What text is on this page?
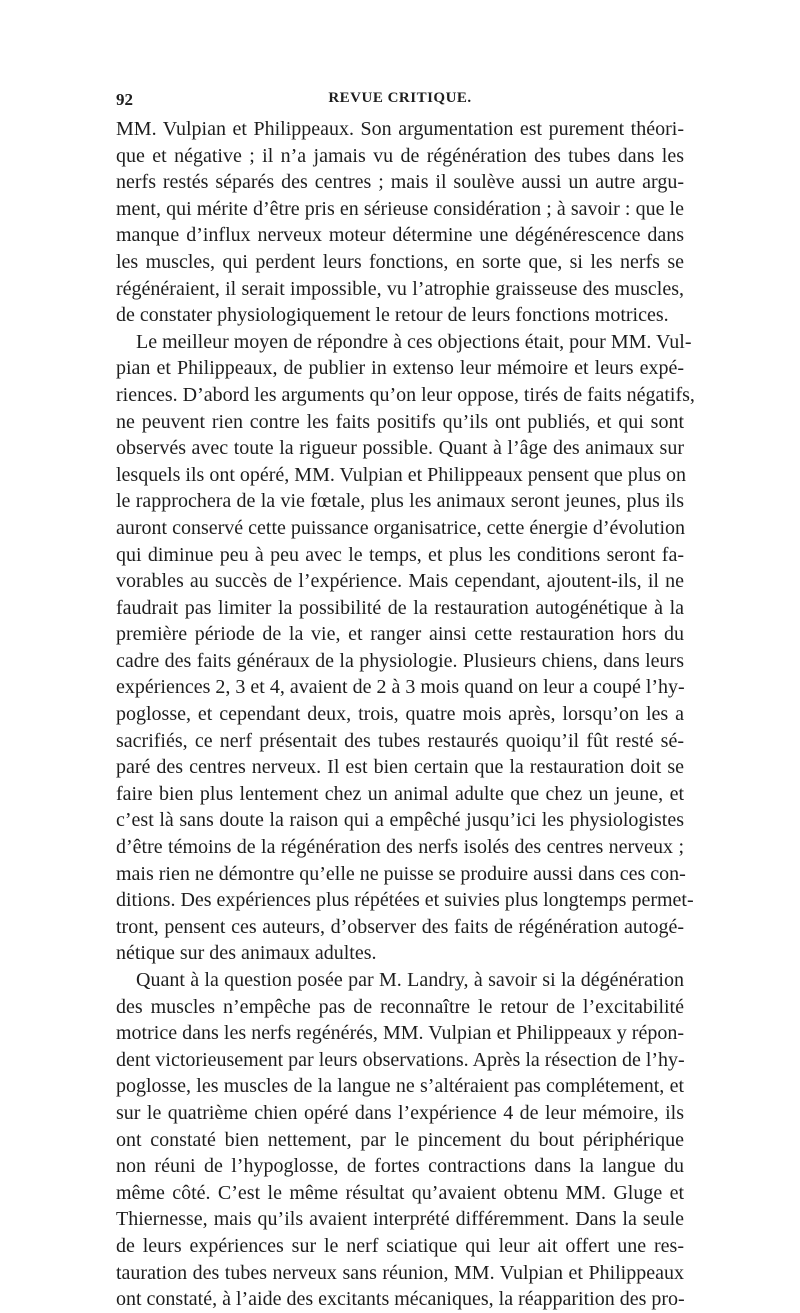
92	REVUE CRITIQUE.
MM. Vulpian et Philippeaux. Son argumentation est purement théori-
que et négative ; il n’a jamais vu de régénération des tubes dans les
nerfs restés séparés des centres ; mais il soulève aussi un autre argu-
ment, qui mérite d’être pris en sérieuse considération ; à savoir : que le
manque d’influx nerveux moteur détermine une dégénérescence dans
les muscles, qui perdent leurs fonctions, en sorte que, si les nerfs se
régénéraient, il serait impossible, vu l’atrophie graisseuse des muscles,
de constater physiologiquement le retour de leurs fonctions motrices.
Le meilleur moyen de répondre à ces objections était, pour MM. Vul-
pian et Philippeaux, de publier in extenso leur mémoire et leurs expé-
riences. D’abord les arguments qu’on leur oppose, tirés de faits négatifs,
ne peuvent rien contre les faits positifs qu’ils ont publiés, et qui sont
observés avec toute la rigueur possible. Quant à l’âge des animaux sur
lesquels ils ont opéré, MM. Vulpian et Philippeaux pensent que plus on
le rapprochera de la vie fœtale, plus les animaux seront jeunes, plus ils
auront conservé cette puissance organisatrice, cette énergie d’évolution
qui diminue peu à peu avec le temps, et plus les conditions seront fa-
vorables au succès de l’expérience. Mais cependant, ajoutent-ils, il ne
faudrait pas limiter la possibilité de la restauration autogénétique à la
première période de la vie, et ranger ainsi cette restauration hors du
cadre des faits généraux de la physiologie. Plusieurs chiens, dans leurs
expériences 2, 3 et 4, avaient de 2 à 3 mois quand on leur a coupé l’hy-
poglosse, et cependant deux, trois, quatre mois après, lorsqu’on les a
sacrifiés, ce nerf présentait des tubes restaurés quoiqu’il fût resté sé-
paré des centres nerveux. Il est bien certain que la restauration doit se
faire bien plus lentement chez un animal adulte que chez un jeune, et
c’est là sans doute la raison qui a empêché jusqu’ici les physiologistes
d’être témoins de la régénération des nerfs isolés des centres nerveux ;
mais rien ne démontre qu’elle ne puisse se produire aussi dans ces con-
ditions. Des expériences plus répétées et suivies plus longtemps permet-
tront, pensent ces auteurs, d’observer des faits de régénération autogé-
nétique sur des animaux adultes.
Quant à la question posée par M. Landry, à savoir si la dégénération
des muscles n’empêche pas de reconnaître le retour de l’excitabilité
motrice dans les nerfs regénérés, MM. Vulpian et Philippeaux y répon-
dent victorieusement par leurs observations. Après la résection de l’hy-
poglosse, les muscles de la langue ne s’altéraient pas complétement, et
sur le quatrième chien opéré dans l’expérience 4 de leur mémoire, ils
ont constaté bien nettement, par le pincement du bout périphérique
non réuni de l’hypoglosse, de fortes contractions dans la langue du
même côté. C’est le même résultat qu’avaient obtenu MM. Gluge et
Thiernesse, mais qu’ils avaient interprété différemment. Dans la seule
de leurs expériences sur le nerf sciatique qui leur ait offert une res-
tauration des tubes nerveux sans réunion, MM. Vulpian et Philippeaux
ont constaté, à l’aide des excitants mécaniques, la réapparition des pro-
